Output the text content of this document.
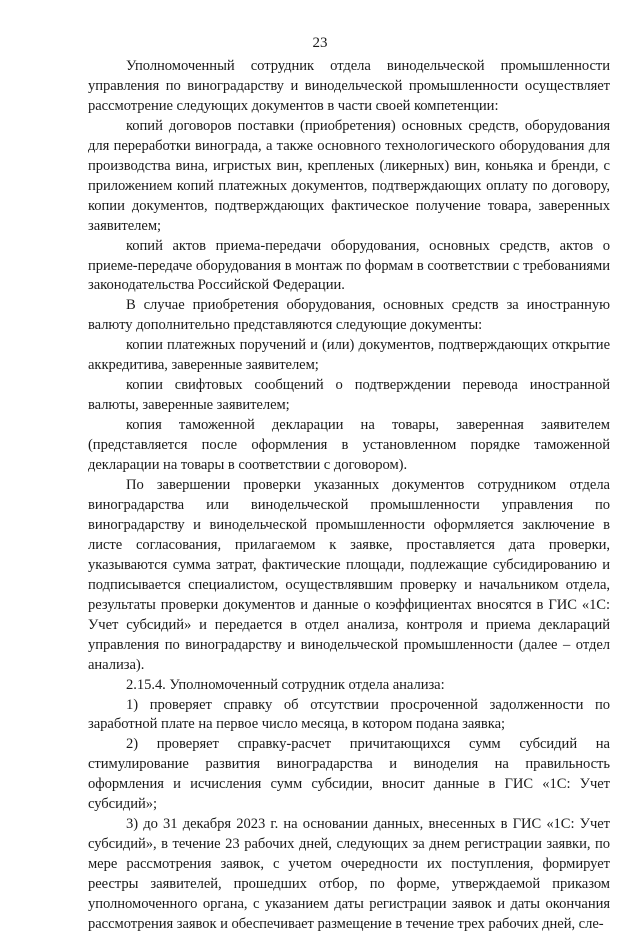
23

Уполномоченный сотрудник отдела винодельческой промышленности управления по виноградарству и винодельческой промышленности осуществляет рассмотрение следующих документов в части своей компетенции:

копий договоров поставки (приобретения) основных средств, оборудования для переработки винограда, а также основного технологического оборудования для производства вина, игристых вин, крепленых (ликерных) вин, коньяка и бренди, с приложением копий платежных документов, подтверждающих оплату по договору, копии документов, подтверждающих фактическое получение товара, заверенных заявителем;

копий актов приема-передачи оборудования, основных средств, актов о приеме-передаче оборудования в монтаж по формам в соответствии с требованиями законодательства Российской Федерации.

В случае приобретения оборудования, основных средств за иностранную валюту дополнительно представляются следующие документы:

копии платежных поручений и (или) документов, подтверждающих открытие аккредитива, заверенные заявителем;

копии свифтовых сообщений о подтверждении перевода иностранной валюты, заверенные заявителем;

копия таможенной декларации на товары, заверенная заявителем (представляется после оформления в установленном порядке таможенной декларации на товары в соответствии с договором).

По завершении проверки указанных документов сотрудником отдела виноградарства или винодельческой промышленности управления по виноградарству и винодельческой промышленности оформляется заключение в листе согласования, прилагаемом к заявке, проставляется дата проверки, указываются сумма затрат, фактические площади, подлежащие субсидированию и подписывается специалистом, осуществлявшим проверку и начальником отдела, результаты проверки документов и данные о коэффициентах вносятся в ГИС «1С: Учет субсидий» и передается в отдел анализа, контроля и приема деклараций управления по виноградарству и винодельческой промышленности (далее – отдел анализа).

2.15.4. Уполномоченный сотрудник отдела анализа:

1) проверяет справку об отсутствии просроченной задолженности по заработной плате на первое число месяца, в котором подана заявка;

2) проверяет справку-расчет причитающихся сумм субсидий на стимулирование развития виноградарства и виноделия на правильность оформления и исчисления сумм субсидии, вносит данные в ГИС «1С: Учет субсидий»;

3) до 31 декабря 2023 г. на основании данных, внесенных в ГИС «1С: Учет субсидий», в течение 23 рабочих дней, следующих за днем регистрации заявки, по мере рассмотрения заявок, с учетом очередности их поступления, формирует реестры заявителей, прошедших отбор, по форме, утверждаемой приказом уполномоченного органа, с указанием даты регистрации заявок и даты окончания рассмотрения заявок и обеспечивает размещение в течение трех рабочих дней, сле-
